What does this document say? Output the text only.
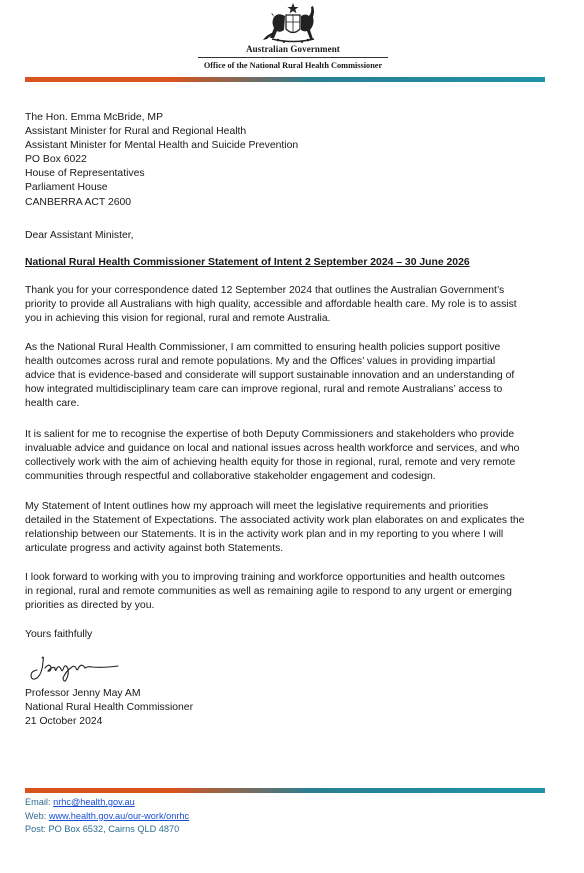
Australian Government
Office of the National Rural Health Commissioner

The Hon. Emma McBride, MP

Assistant Minister for Rural and Regional Health

Assistant Minister for Mental Health and Suicide Prevention

PO Box 6022

House of Representatives

Parliament House

CANBERRA ACT 2600

Dear Assistant Minister,
National Rural Health Commissioner Statement of Intent 2 September 2024 – 30 June 2026

Thank you for your correspondence dated 12 September 2024 that outlines the Australian Government’s

priority to provide all Australians with high quality, accessible and affordable health care. My role is to assist

you in achieving this vision for regional, rural and remote Australia.

As the National Rural Health Commissioner, I am committed to ensuring health policies support positive

health outcomes across rural and remote populations. My and the Offices’ values in providing impartial

advice that is evidence-based and considerate will support sustainable innovation and an understanding of

how integrated multidisciplinary team care can improve regional, rural and remote Australians’ access to

health care.

It is salient for me to recognise the expertise of both Deputy Commissioners and stakeholders who provide

invaluable advice and guidance on local and national issues across health workforce and services, and who

collectively work with the aim of achieving health equity for those in regional, rural, remote and very remote

communities through respectful and collaborative stakeholder engagement and codesign.

My Statement of Intent outlines how my approach will meet the legislative requirements and priorities

detailed in the Statement of Expectations. The associated activity work plan elaborates on and explicates the

relationship between our Statements. It is in the activity work plan and in my reporting to you where I will

articulate progress and activity against both Statements.

I look forward to working with you to improving training and workforce opportunities and health outcomes

in regional, rural and remote communities as well as remaining agile to respond to any urgent or emerging

priorities as directed by you.

Yours faithfully

Professor Jenny May AM

National Rural Health Commissioner

21 October 2024

Email: nrhc@health.gov.au
Web: www.health.gov.au/our-work/onrhc
Post: PO Box 6532, Cairns QLD 4870
